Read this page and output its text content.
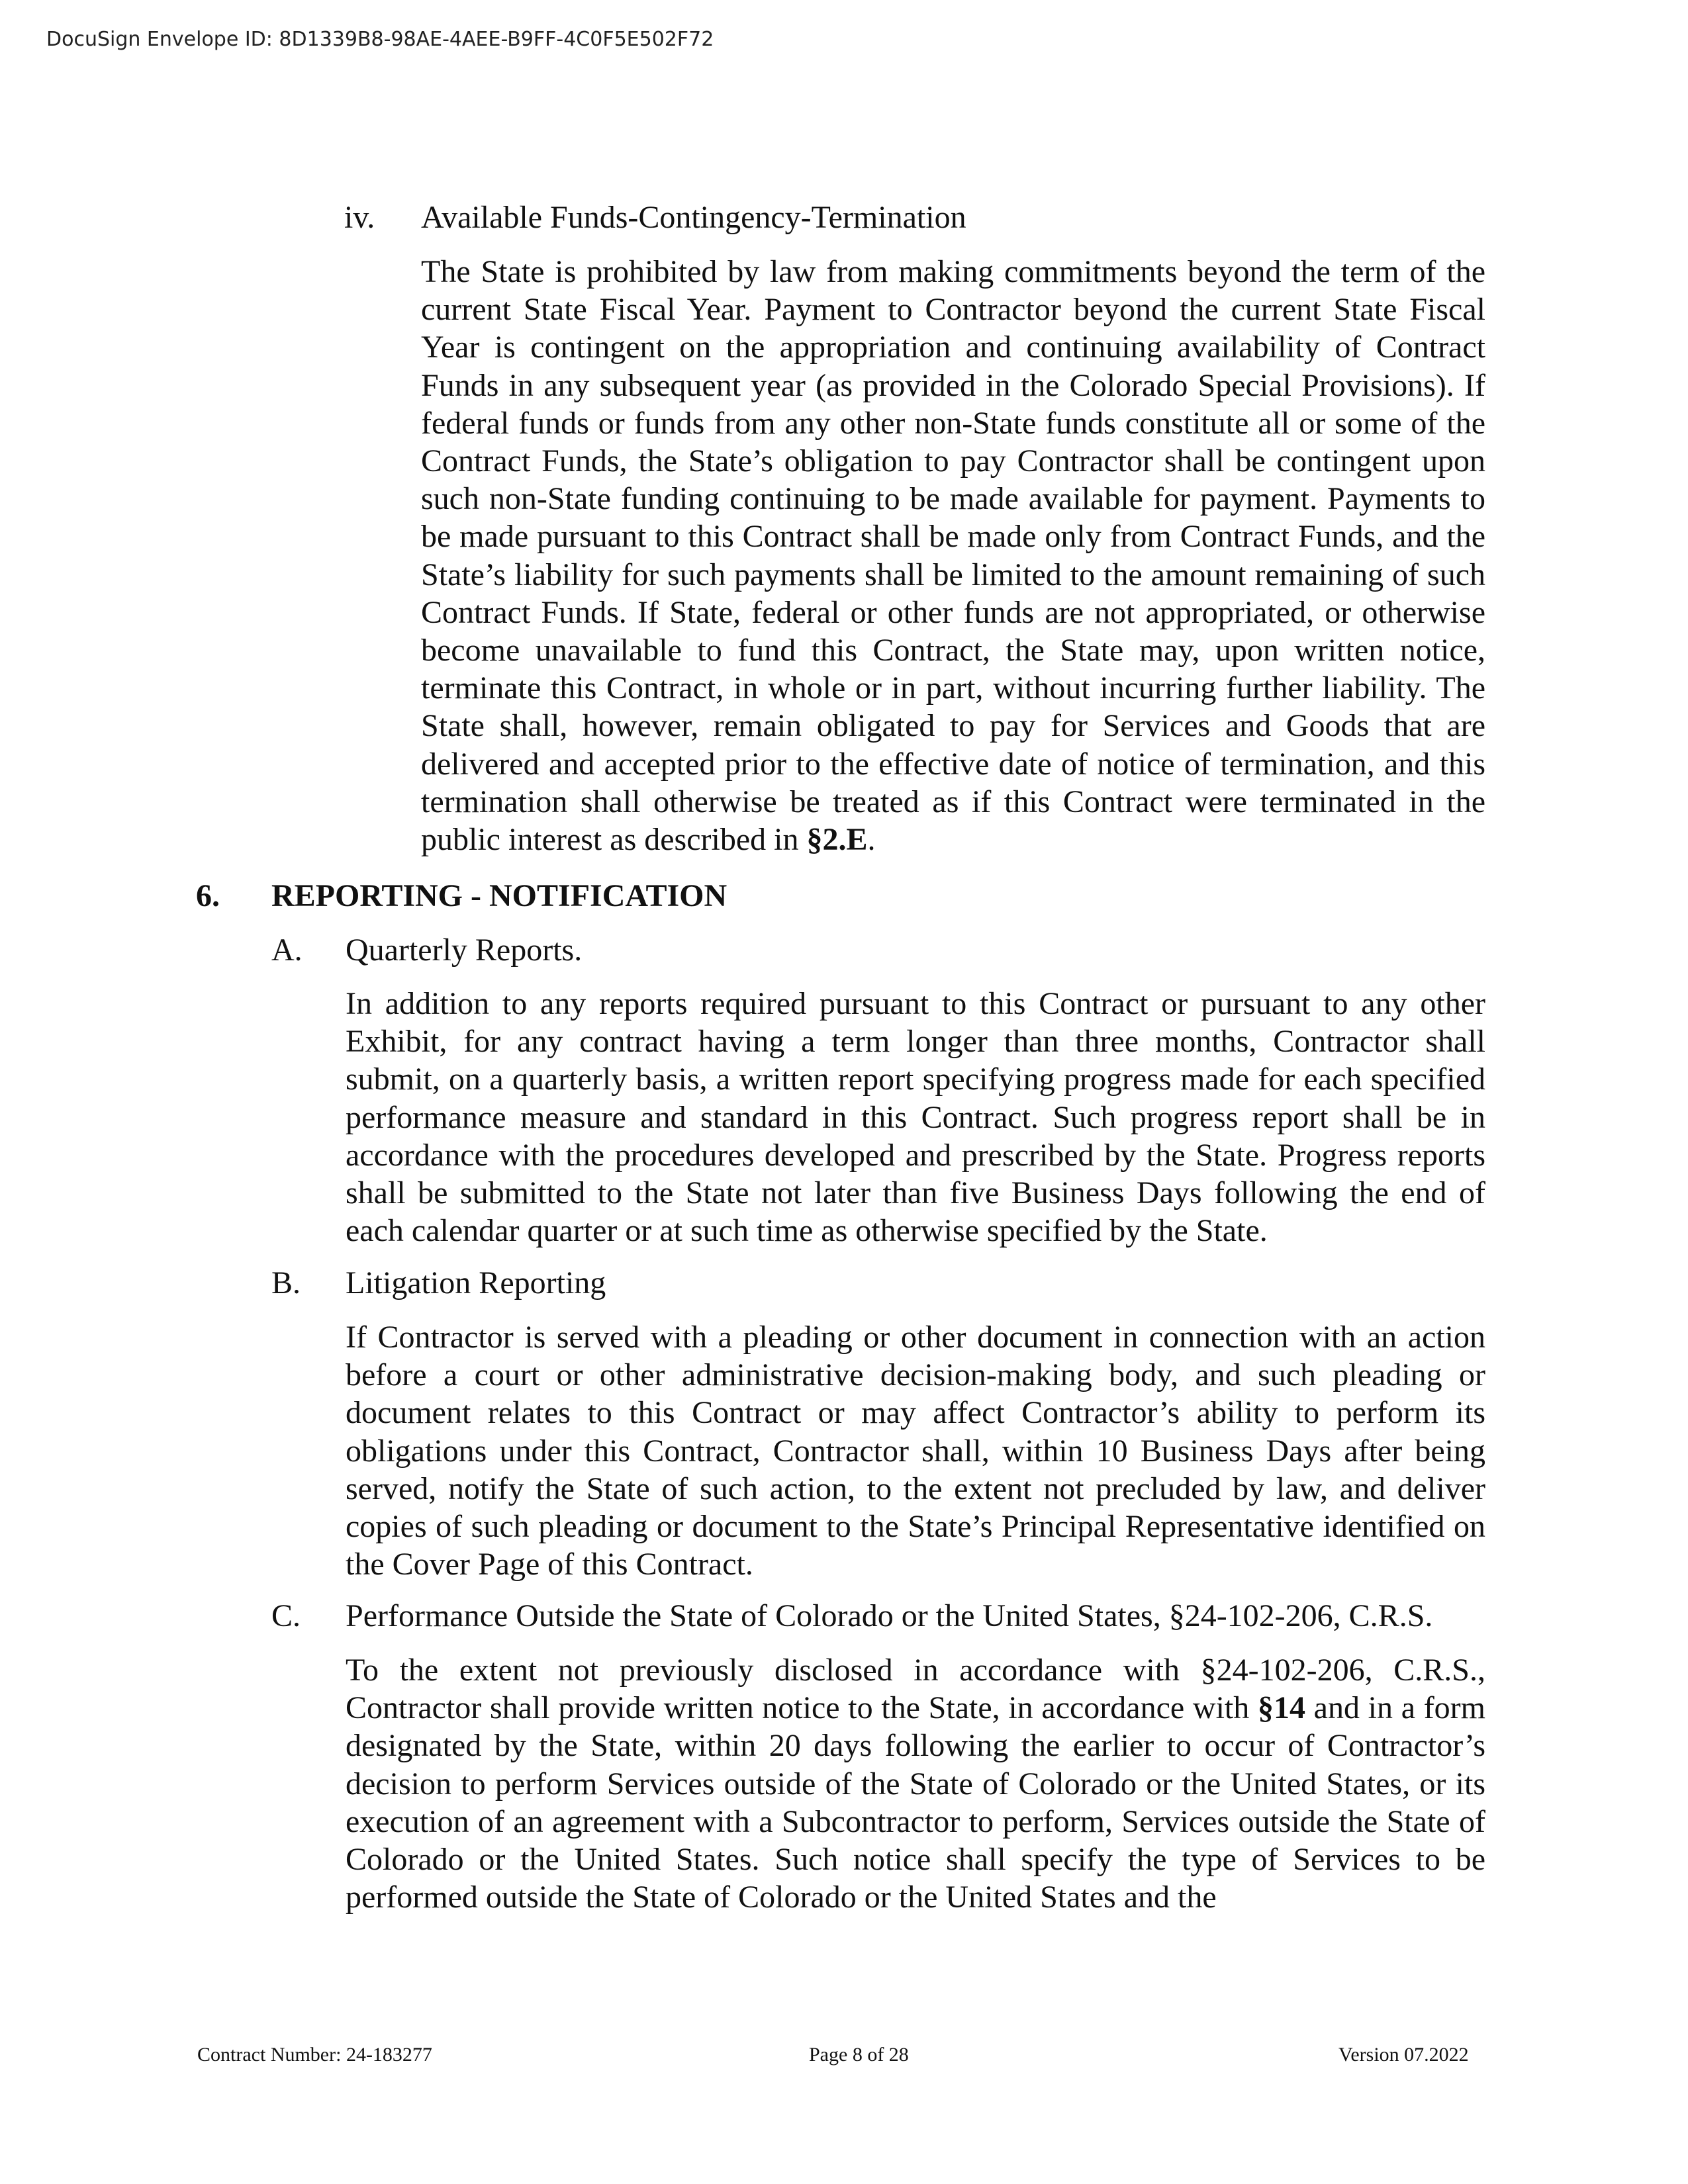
DocuSign Envelope ID: 8D1339B8-98AE-4AEE-B9FF-4C0F5E502F72
iv. Available Funds-Contingency-Termination

The State is prohibited by law from making commitments beyond the term of the current State Fiscal Year. Payment to Contractor beyond the current State Fiscal Year is contingent on the appropriation and continuing availability of Contract Funds in any subsequent year (as provided in the Colorado Special Provisions). If federal funds or funds from any other non-State funds constitute all or some of the Contract Funds, the State’s obligation to pay Contractor shall be contingent upon such non-State funding continuing to be made available for payment. Payments to be made pursuant to this Contract shall be made only from Contract Funds, and the State’s liability for such payments shall be limited to the amount remaining of such Contract Funds. If State, federal or other funds are not appropriated, or otherwise become unavailable to fund this Contract, the State may, upon written notice, terminate this Contract, in whole or in part, without incurring further liability. The State shall, however, remain obligated to pay for Services and Goods that are delivered and accepted prior to the effective date of notice of termination, and this termination shall otherwise be treated as if this Contract were terminated in the public interest as described in §2.E.

6. REPORTING - NOTIFICATION
A. Quarterly Reports.

In addition to any reports required pursuant to this Contract or pursuant to any other Exhibit, for any contract having a term longer than three months, Contractor shall submit, on a quarterly basis, a written report specifying progress made for each specified performance measure and standard in this Contract. Such progress report shall be in accordance with the procedures developed and prescribed by the State. Progress reports shall be submitted to the State not later than five Business Days following the end of each calendar quarter or at such time as otherwise specified by the State.

B. Litigation Reporting

If Contractor is served with a pleading or other document in connection with an action before a court or other administrative decision-making body, and such pleading or document relates to this Contract or may affect Contractor’s ability to perform its obligations under this Contract, Contractor shall, within 10 Business Days after being served, notify the State of such action, to the extent not precluded by law, and deliver copies of such pleading or document to the State’s Principal Representative identified on the Cover Page of this Contract.

C. Performance Outside the State of Colorado or the United States, §24-102-206, C.R.S.

To the extent not previously disclosed in accordance with §24-102-206, C.R.S., Contractor shall provide written notice to the State, in accordance with §14 and in a form designated by the State, within 20 days following the earlier to occur of Contractor’s decision to perform Services outside of the State of Colorado or the United States, or its execution of an agreement with a Subcontractor to perform, Services outside the State of Colorado or the United States. Such notice shall specify the type of Services to be performed outside the State of Colorado or the United States and the

Contract Number: 24-183277	Page 8 of 28	Version 07.2022
